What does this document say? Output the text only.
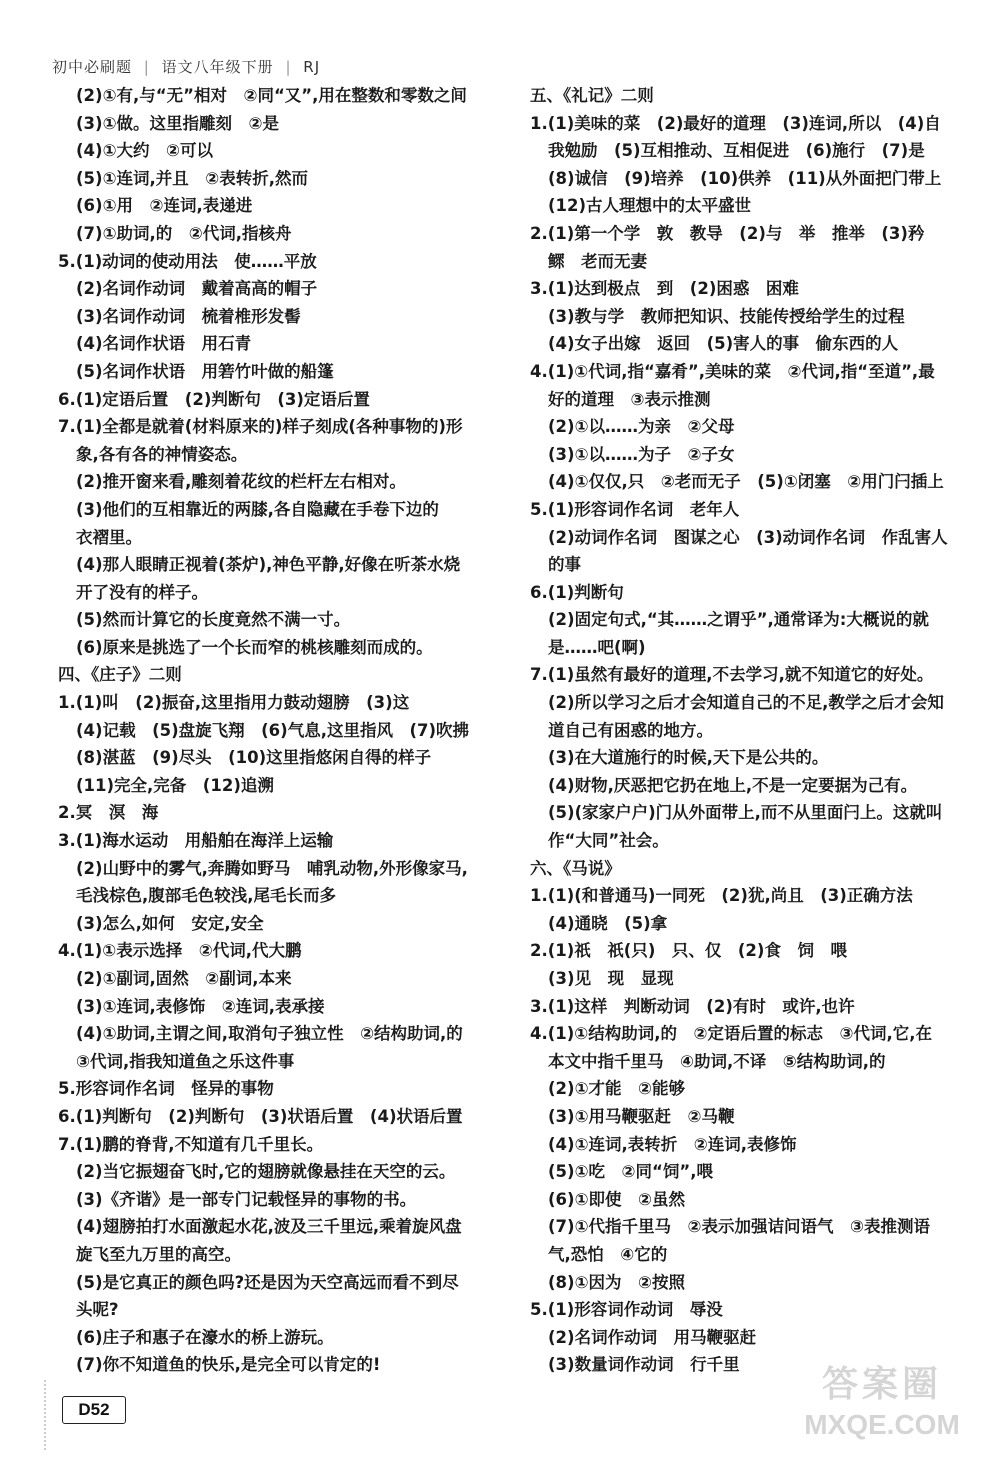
初中必刷题 | 语文八年级下册 | RJ
(2)①有,与“无”相对　②同“又”,用在整数和零数之间
(3)①做。这里指雕刻　②是
(4)①大约　②可以
(5)①连词,并且　②表转折,然而
(6)①用　②连词,表递进
(7)①助词,的　②代词,指核舟
5.(1)动词的使动用法　使……平放
(2)名词作动词　戴着高高的帽子
(3)名词作动词　梳着椎形发髻
(4)名词作状语　用石青
(5)名词作状语　用箬竹叶做的船篷
6.(1)定语后置　(2)判断句　(3)定语后置
7.(1)全都是就着(材料原来的)样子刻成(各种事物的)形
象,各有各的神情姿态。
(2)推开窗来看,雕刻着花纹的栏杆左右相对。
(3)他们的互相靠近的两膝,各自隐藏在手卷下边的
衣褶里。
(4)那人眼睛正视着(茶炉),神色平静,好像在听茶水烧
开了没有的样子。
(5)然而计算它的长度竟然不满一寸。
(6)原来是挑选了一个长而窄的桃核雕刻而成的。
四、《庄子》二则
1.(1)叫　(2)振奋,这里指用力鼓动翅膀　(3)这
(4)记载　(5)盘旋飞翔　(6)气息,这里指风　(7)吹拂
(8)湛蓝　(9)尽头　(10)这里指悠闲自得的样子
(11)完全,完备　(12)追溯
2.冥　溟　海
3.(1)海水运动　用船舶在海洋上运输
(2)山野中的雾气,奔腾如野马　哺乳动物,外形像家马,
毛浅棕色,腹部毛色较浅,尾毛长而多
(3)怎么,如何　安定,安全
4.(1)①表示选择　②代词,代大鹏
(2)①副词,固然　②副词,本来
(3)①连词,表修饰　②连词,表承接
(4)①助词,主谓之间,取消句子独立性　②结构助词,的
③代词,指我知道鱼之乐这件事
5.形容词作名词　怪异的事物
6.(1)判断句　(2)判断句　(3)状语后置　(4)状语后置
7.(1)鹏的脊背,不知道有几千里长。
(2)当它振翅奋飞时,它的翅膀就像悬挂在天空的云。
(3)《齐谐》是一部专门记载怪异的事物的书。
(4)翅膀拍打水面激起水花,波及三千里远,乘着旋风盘
旋飞至九万里的高空。
(5)是它真正的颜色吗?还是因为天空高远而看不到尽
头呢?
(6)庄子和惠子在濠水的桥上游玩。
(7)你不知道鱼的快乐,是完全可以肯定的!
五、《礼记》二则
1.(1)美味的菜　(2)最好的道理　(3)连词,所以　(4)自
我勉励　(5)互相推动、互相促进　(6)施行　(7)是
(8)诚信　(9)培养　(10)供养　(11)从外面把门带上
(12)古人理想中的太平盛世
2.(1)第一个学　敦　教导　(2)与　举　推举　(3)矜
鳏　老而无妻
3.(1)达到极点　到　(2)困惑　困难
(3)教与学　教师把知识、技能传授给学生的过程
(4)女子出嫁　返回　(5)害人的事　偷东西的人
4.(1)①代词,指“嘉肴”,美味的菜　②代词,指“至道”,最
好的道理　③表示推测
(2)①以……为亲　②父母
(3)①以……为子　②子女
(4)①仅仅,只　②老而无子　(5)①闭塞　②用门闩插上
5.(1)形容词作名词　老年人
(2)动词作名词　图谋之心　(3)动词作名词　作乱害人
的事
6.(1)判断句
(2)固定句式,“其……之谓乎”,通常译为:大概说的就
是……吧(啊)
7.(1)虽然有最好的道理,不去学习,就不知道它的好处。
(2)所以学习之后才会知道自己的不足,教学之后才会知
道自己有困惑的地方。
(3)在大道施行的时候,天下是公共的。
(4)财物,厌恶把它扔在地上,不是一定要据为己有。
(5)(家家户户)门从外面带上,而不从里面闩上。这就叫
作“大同”社会。
六、《马说》
1.(1)(和普通马)一同死　(2)犹,尚且　(3)正确方法
(4)通晓　(5)拿
2.(1)祇　祇(只)　只、仅　(2)食　饲　喂
(3)见　现　显现
3.(1)这样　判断动词　(2)有时　或许,也许
4.(1)①结构助词,的　②定语后置的标志　③代词,它,在
本文中指千里马　④助词,不译　⑤结构助词,的
(2)①才能　②能够
(3)①用马鞭驱赶　②马鞭
(4)①连词,表转折　②连词,表修饰
(5)①吃　②同“饲”,喂
(6)①即使　②虽然
(7)①代指千里马　②表示加强诘问语气　③表推测语
气,恐怕　④它的
(8)①因为　②按照
5.(1)形容词作动词　辱没
(2)名词作动词　用马鞭驱赶
(3)数量词作动词　行千里
D52
答案圈
MXQE.COM
